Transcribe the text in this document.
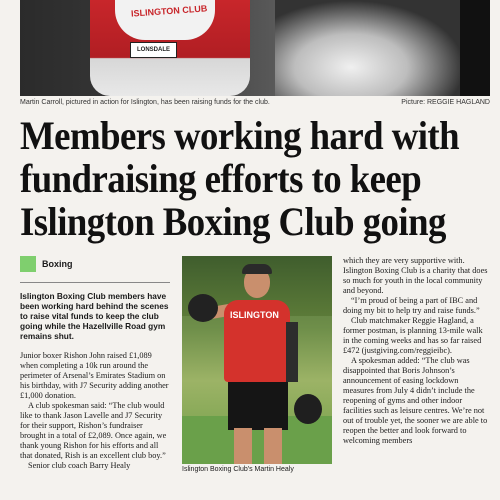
ISLINGTON CLUB
LONSDALE
Martin Carroll, pictured in action for Islington, has been raising funds for the club.	Picture: REGGIE HAGLAND
Members working hard with
fundraising efforts to keep
Islington Boxing Club going
Boxing

Islington Boxing Club members have been working hard behind the scenes to raise vital funds to keep the club going while the Hazellville Road gym remains shut.

Junior boxer Rishon John raised £1,089 when completing a 10k run around the perimeter of Arsenal’s Emirates Stadium on his birthday, with J7 Security adding another £1,000 donation.

A club spokesman said: “The club would like to thank Jason Lavelle and J7 Security for their support, Rishon’s fundraiser brought in a total of £2,089. Once again, we thank young Rishon for his efforts and all that donated, Rish is an excellent club boy.”

Senior club coach Barry Healy

ISLINGTON
Islington Boxing Club's Martin Healy

which they are very supportive with. Islington Boxing Club is a charity that does so much for youth in the local community and beyond.

“I’m proud of being a part of IBC and doing my bit to help try and raise funds.”

Club matchmaker Reggie Hagland, a former postman, is planning 13-mile walk in the coming weeks and has so far raised £472 (justgiving.com/reggieibc).

A spokesman added: “The club was disappointed that Boris Johnson’s announcement of easing lockdown measures from July 4 didn’t include the reopening of gyms and other indoor facilities such as leisure centres. We’re not out of trouble yet, the sooner we are able to reopen the better and look forward to welcoming members
